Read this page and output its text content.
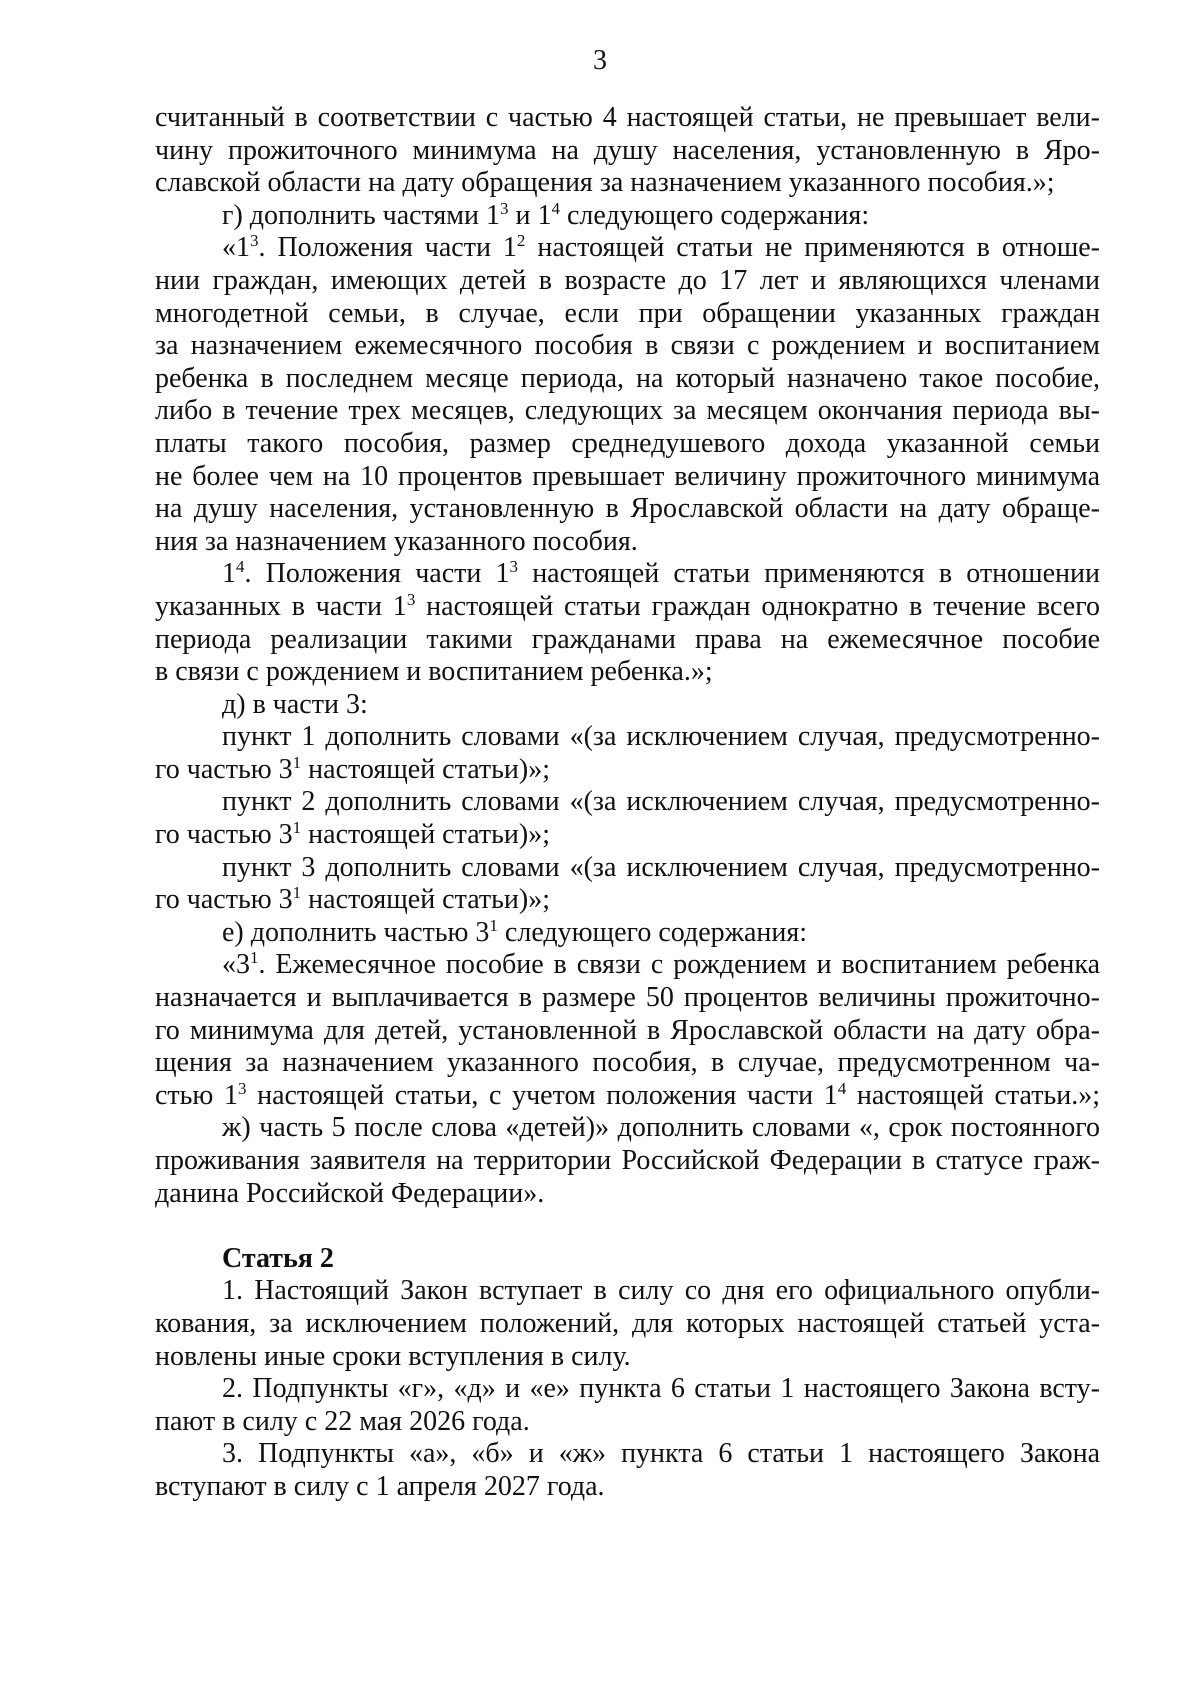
3
считанный в соответствии с частью 4 настоящей статьи, не превышает вели-
чину прожиточного минимума на душу населения, установленную в Яро-
славской области на дату обращения за назначением указанного пособия.»;
г) дополнить частями $1^3$ и $1^4$ следующего содержания:
«$1^3$. Положения части $1^2$ настоящей статьи не применяются в отноше-
нии граждан, имеющих детей в возрасте до 17 лет и являющихся членами
многодетной семьи, в случае, если при обращении указанных граждан
за назначением ежемесячного пособия в связи с рождением и воспитанием
ребенка в последнем месяце периода, на который назначено такое пособие,
либо в течение трех месяцев, следующих за месяцем окончания периода вы-
платы такого пособия, размер среднедушевого дохода указанной семьи
не более чем на 10 процентов превышает величину прожиточного минимума
на душу населения, установленную в Ярославской области на дату обраще-
ния за назначением указанного пособия.
$1^4$. Положения части $1^3$ настоящей статьи применяются в отношении
указанных в части $1^3$ настоящей статьи граждан однократно в течение всего
периода реализации такими гражданами права на ежемесячное пособие
в связи с рождением и воспитанием ребенка.»;
д) в части 3:
пункт 1 дополнить словами «(за исключением случая, предусмотренно-
го частью $3^1$ настоящей статьи)»;
пункт 2 дополнить словами «(за исключением случая, предусмотренно-
го частью $3^1$ настоящей статьи)»;
пункт 3 дополнить словами «(за исключением случая, предусмотренно-
го частью $3^1$ настоящей статьи)»;
е) дополнить частью $3^1$ следующего содержания:
«$3^1$. Ежемесячное пособие в связи с рождением и воспитанием ребенка
назначается и выплачивается в размере 50 процентов величины прожиточно-
го минимума для детей, установленной в Ярославской области на дату обра-
щения за назначением указанного пособия, в случае, предусмотренном ча-
стью $1^3$ настоящей статьи, с учетом положения части $1^4$ настоящей статьи.»;
ж) часть 5 после слова «детей)» дополнить словами «, срок постоянного
проживания заявителя на территории Российской Федерации в статусе граж-
данина Российской Федерации».
Статья 2
1. Настоящий Закон вступает в силу со дня его официального опубли-
кования, за исключением положений, для которых настоящей статьей уста-
новлены иные сроки вступления в силу.
2. Подпункты «г», «д» и «е» пункта 6 статьи 1 настоящего Закона всту-
пают в силу с 22 мая 2026 года.
3. Подпункты «а», «б» и «ж» пункта 6 статьи 1 настоящего Закона
вступают в силу с 1 апреля 2027 года.
